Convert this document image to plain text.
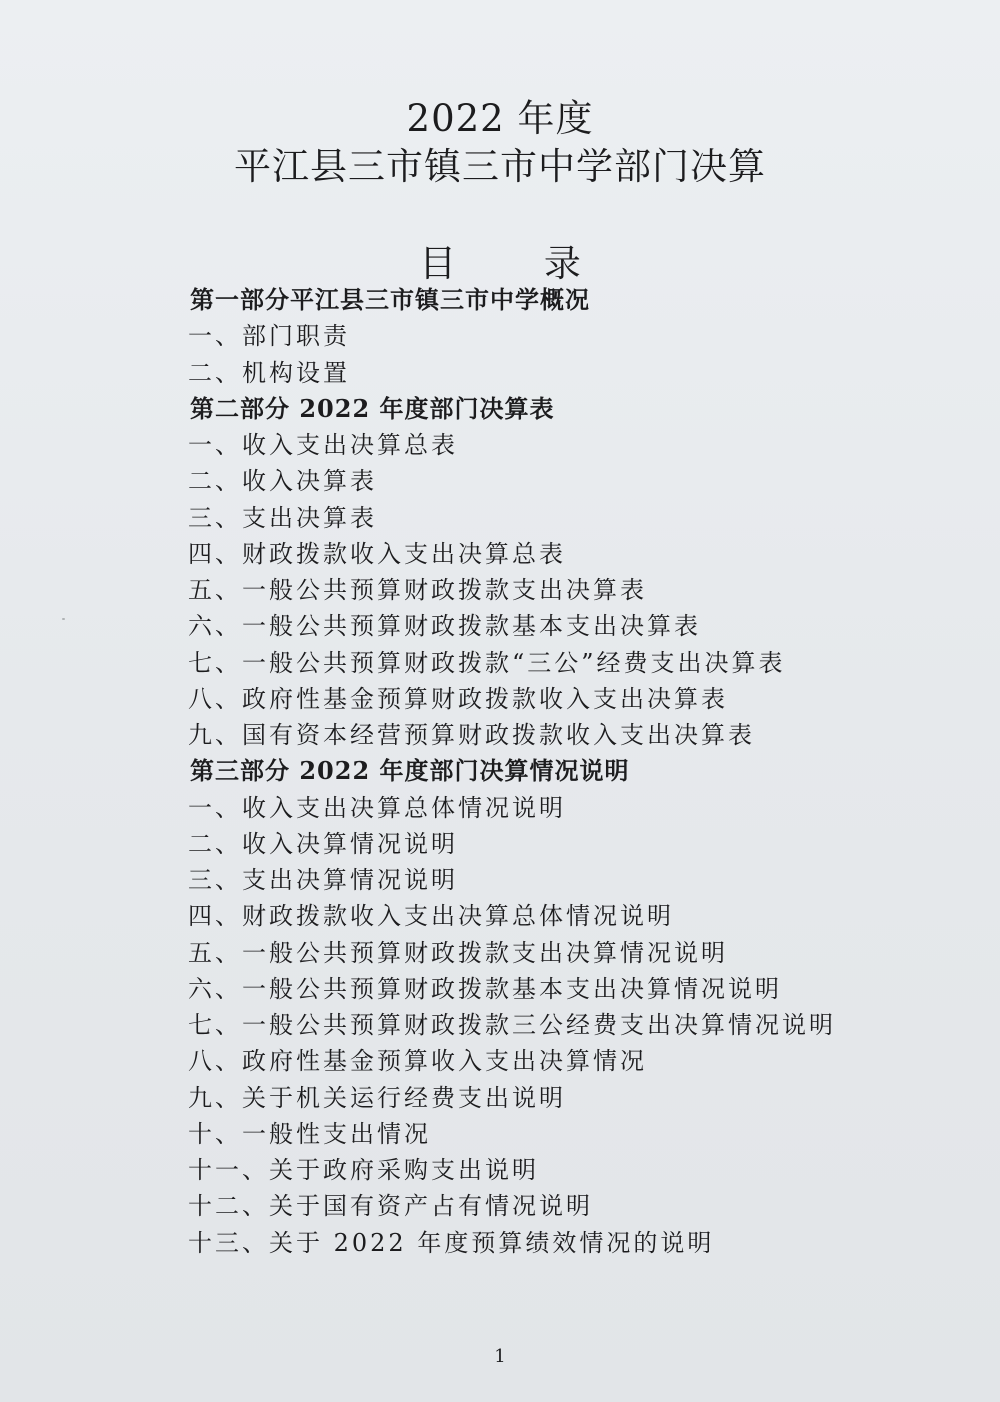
2022 年度
平江县三市镇三市中学部门决算
目 录
第一部分平江县三市镇三市中学概况
一、部门职责
二、机构设置
第二部分 2022 年度部门决算表
一、收入支出决算总表
二、收入决算表
三、支出决算表
四、财政拨款收入支出决算总表
五、一般公共预算财政拨款支出决算表
六、一般公共预算财政拨款基本支出决算表
七、一般公共预算财政拨款“三公”经费支出决算表
八、政府性基金预算财政拨款收入支出决算表
九、国有资本经营预算财政拨款收入支出决算表
第三部分 2022 年度部门决算情况说明
一、收入支出决算总体情况说明
二、收入决算情况说明
三、支出决算情况说明
四、财政拨款收入支出决算总体情况说明
五、一般公共预算财政拨款支出决算情况说明
六、一般公共预算财政拨款基本支出决算情况说明
七、一般公共预算财政拨款三公经费支出决算情况说明
八、政府性基金预算收入支出决算情况
九、关于机关运行经费支出说明
十、一般性支出情况
十一、关于政府采购支出说明
十二、关于国有资产占有情况说明
十三、关于 2022 年度预算绩效情况的说明
1
